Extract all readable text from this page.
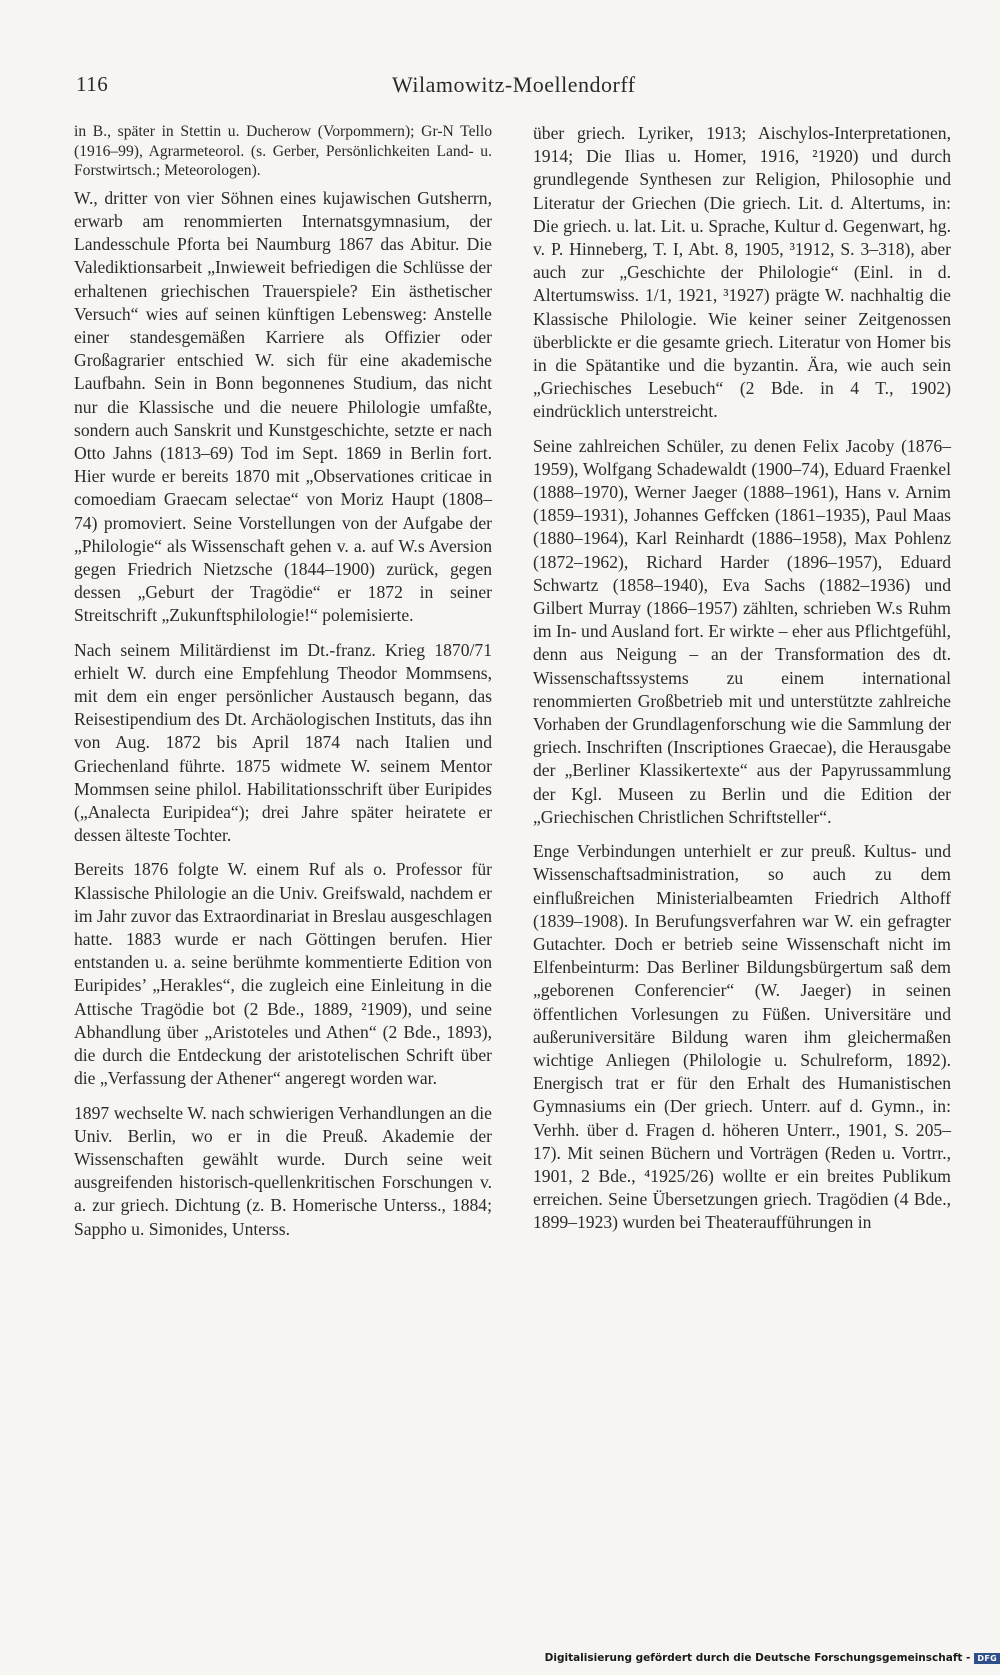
116	Wilamowitz-Moellendorff

in B., später in Stettin u. Ducherow (Vorpommern); Gr-N Tello (1916–99), Agrarmeteorol. (s. Gerber, Persönlichkeiten Land- u. Forstwirtsch.; Meteorologen).

W., dritter von vier Söhnen eines kujawischen Gutsherrn, erwarb am renommierten Internatsgymnasium, der Landesschule Pforta bei Naumburg 1867 das Abitur. Die Valediktionsarbeit „Inwieweit befriedigen die Schlüsse der erhaltenen griechischen Trauerspiele? Ein ästhetischer Versuch“ wies auf seinen künftigen Lebensweg: Anstelle einer standesgemäßen Karriere als Offizier oder Großagrarier entschied W. sich für eine akademische Laufbahn. Sein in Bonn begonnenes Studium, das nicht nur die Klassische und die neuere Philologie umfaßte, sondern auch Sanskrit und Kunstgeschichte, setzte er nach Otto Jahns (1813–69) Tod im Sept. 1869 in Berlin fort. Hier wurde er bereits 1870 mit „Observationes criticae in comoediam Graecam selectae“ von Moriz Haupt (1808–74) promoviert. Seine Vorstellungen von der Aufgabe der „Philologie“ als Wissenschaft gehen v. a. auf W.s Aversion gegen Friedrich Nietzsche (1844–1900) zurück, gegen dessen „Geburt der Tragödie“ er 1872 in seiner Streitschrift „Zukunftsphilologie!“ polemisierte.

Nach seinem Militärdienst im Dt.-franz. Krieg 1870/71 erhielt W. durch eine Empfehlung Theodor Mommsens, mit dem ein enger persönlicher Austausch begann, das Reisestipendium des Dt. Archäologischen Instituts, das ihn von Aug. 1872 bis April 1874 nach Italien und Griechenland führte. 1875 widmete W. seinem Mentor Mommsen seine philol. Habilitationsschrift über Euripides („Analecta Euripidea“); drei Jahre später heiratete er dessen älteste Tochter.

Bereits 1876 folgte W. einem Ruf als o. Professor für Klassische Philologie an die Univ. Greifswald, nachdem er im Jahr zuvor das Extraordinariat in Breslau ausgeschlagen hatte. 1883 wurde er nach Göttingen berufen. Hier entstanden u. a. seine berühmte kommentierte Edition von Euripides’ „Herakles“, die zugleich eine Einleitung in die Attische Tragödie bot (2 Bde., 1889, ²1909), und seine Abhandlung über „Aristoteles und Athen“ (2 Bde., 1893), die durch die Entdeckung der aristotelischen Schrift über die „Verfassung der Athener“ angeregt worden war.

1897 wechselte W. nach schwierigen Verhandlungen an die Univ. Berlin, wo er in die Preuß. Akademie der Wissenschaften gewählt wurde. Durch seine weit ausgreifenden historisch-quellenkritischen Forschungen v. a. zur griech. Dichtung (z. B. Homerische Unterss., 1884; Sappho u. Simonides, Unterss.

über griech. Lyriker, 1913; Aischylos-Interpretationen, 1914; Die Ilias u. Homer, 1916, ²1920) und durch grundlegende Synthesen zur Religion, Philosophie und Literatur der Griechen (Die griech. Lit. d. Altertums, in: Die griech. u. lat. Lit. u. Sprache, Kultur d. Gegenwart, hg. v. P. Hinneberg, T. I, Abt. 8, 1905, ³1912, S. 3–318), aber auch zur „Geschichte der Philologie“ (Einl. in d. Altertumswiss. 1/1, 1921, ³1927) prägte W. nachhaltig die Klassische Philologie. Wie keiner seiner Zeitgenossen überblickte er die gesamte griech. Literatur von Homer bis in die Spätantike und die byzantin. Ära, wie auch sein „Griechisches Lesebuch“ (2 Bde. in 4 T., 1902) eindrücklich unterstreicht.

Seine zahlreichen Schüler, zu denen Felix Jacoby (1876–1959), Wolfgang Schadewaldt (1900–74), Eduard Fraenkel (1888–1970), Werner Jaeger (1888–1961), Hans v. Arnim (1859–1931), Johannes Geffcken (1861–1935), Paul Maas (1880–1964), Karl Reinhardt (1886–1958), Max Pohlenz (1872–1962), Richard Harder (1896–1957), Eduard Schwartz (1858–1940), Eva Sachs (1882–1936) und Gilbert Murray (1866–1957) zählten, schrieben W.s Ruhm im In- und Ausland fort. Er wirkte – eher aus Pflichtgefühl, denn aus Neigung – an der Transformation des dt. Wissenschaftssystems zu einem international renommierten Großbetrieb mit und unterstützte zahlreiche Vorhaben der Grundlagenforschung wie die Sammlung der griech. Inschriften (Inscriptiones Graecae), die Herausgabe der „Berliner Klassikertexte“ aus der Papyrussammlung der Kgl. Museen zu Berlin und die Edition der „Griechischen Christlichen Schriftsteller“.

Enge Verbindungen unterhielt er zur preuß. Kultus- und Wissenschaftsadministration, so auch zu dem einflußreichen Ministerialbeamten Friedrich Althoff (1839–1908). In Berufungsverfahren war W. ein gefragter Gutachter. Doch er betrieb seine Wissenschaft nicht im Elfenbeinturm: Das Berliner Bildungsbürgertum saß dem „geborenen Conferencier“ (W. Jaeger) in seinen öffentlichen Vorlesungen zu Füßen. Universitäre und außeruniversitäre Bildung waren ihm gleichermaßen wichtige Anliegen (Philologie u. Schulreform, 1892). Energisch trat er für den Erhalt des Humanistischen Gymnasiums ein (Der griech. Unterr. auf d. Gymn., in: Verhh. über d. Fragen d. höheren Unterr., 1901, S. 205–17). Mit seinen Büchern und Vorträgen (Reden u. Vortrr., 1901, 2 Bde., ⁴1925/26) wollte er ein breites Publikum erreichen. Seine Übersetzungen griech. Tragödien (4 Bde., 1899–1923) wurden bei Theateraufführungen in

Digitalisierung gefördert durch die Deutsche Forschungsgemeinschaft - DFG
